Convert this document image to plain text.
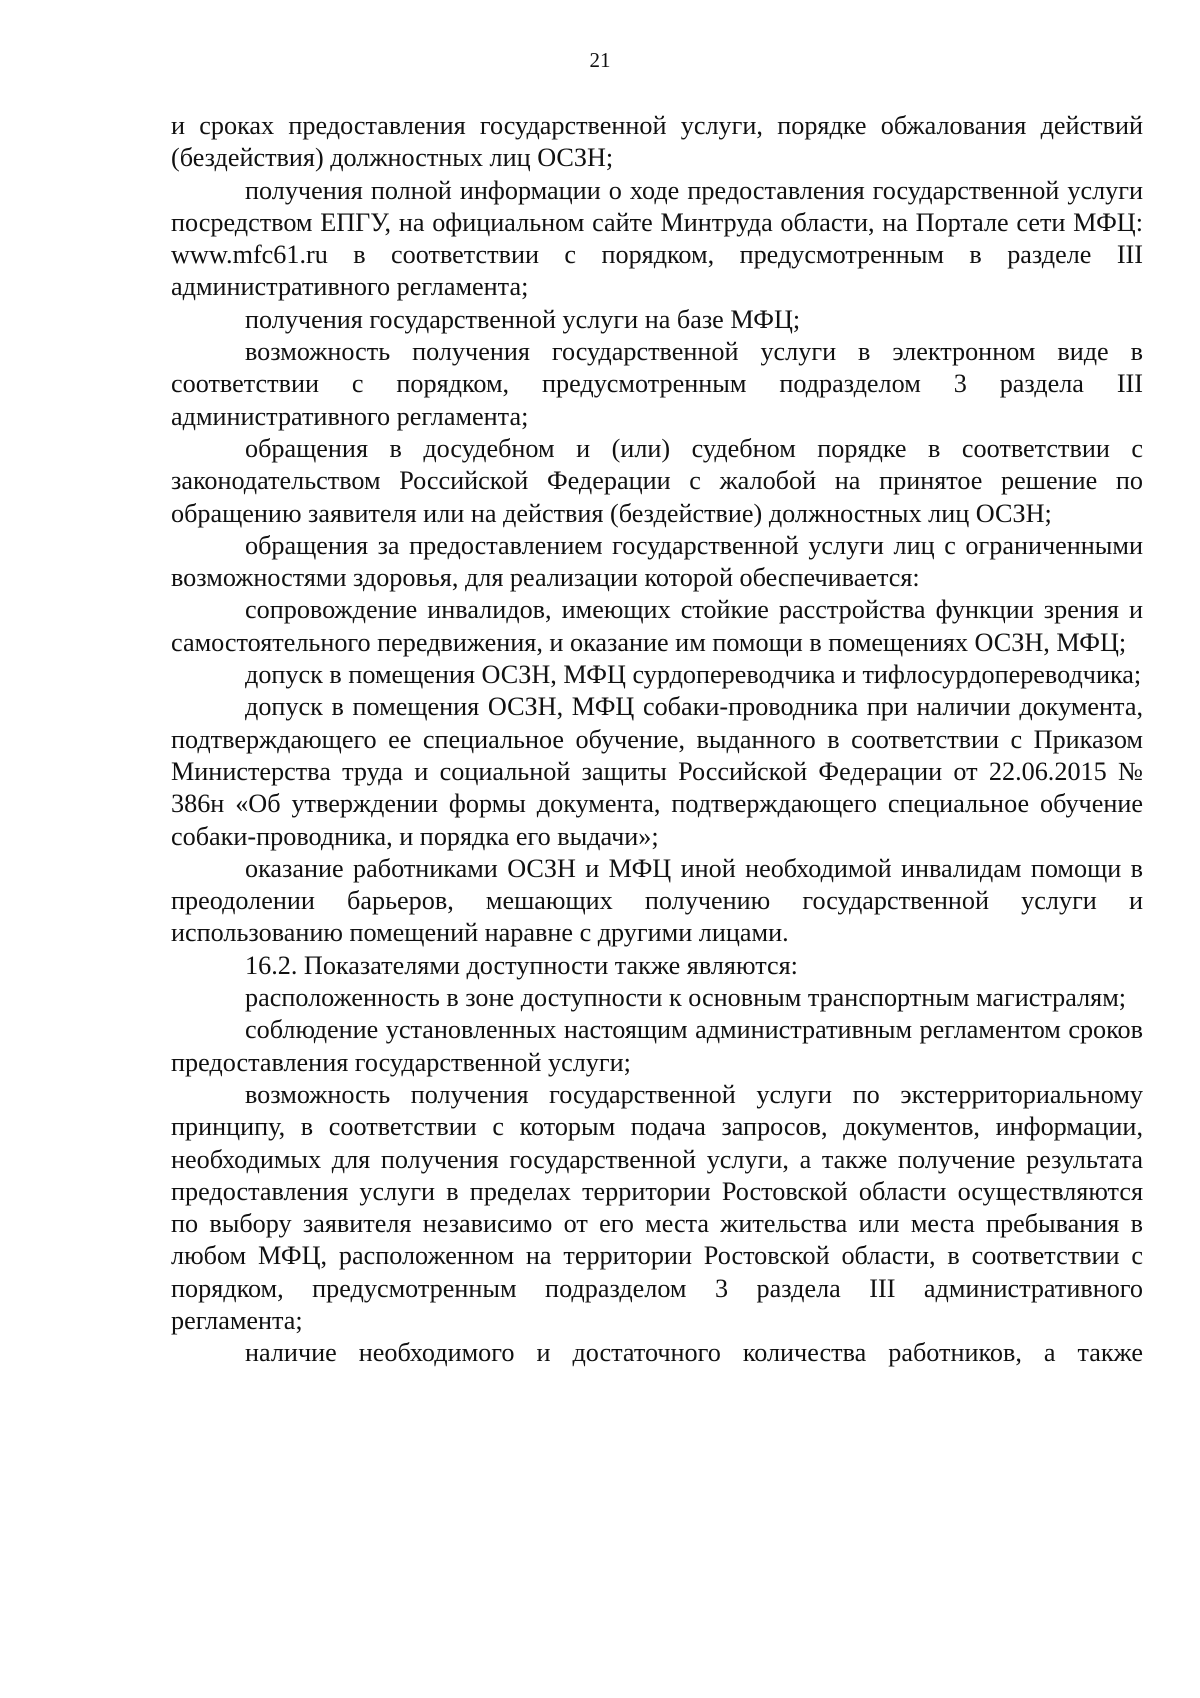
21

и сроках предоставления государственной услуги, порядке обжалования действий (бездействия) должностных лиц ОСЗН;

получения полной информации о ходе предоставления государственной услуги посредством ЕПГУ, на официальном сайте Минтруда области, на Портале сети МФЦ: www.mfc61.ru в соответствии с порядком, предусмотренным в разделе III административного регламента;

получения государственной услуги на базе МФЦ;

возможность получения государственной услуги в электронном виде в соответствии с порядком, предусмотренным подразделом 3 раздела III административного регламента;

обращения в досудебном и (или) судебном порядке в соответствии с законодательством Российской Федерации с жалобой на принятое решение по обращению заявителя или на действия (бездействие) должностных лиц ОСЗН;

обращения за предоставлением государственной услуги лиц с ограниченными возможностями здоровья, для реализации которой обеспечивается:

сопровождение инвалидов, имеющих стойкие расстройства функции зрения и самостоятельного передвижения, и оказание им помощи в помещениях ОСЗН, МФЦ;

допуск в помещения ОСЗН, МФЦ сурдопереводчика и тифлосурдопереводчика;

допуск в помещения ОСЗН, МФЦ собаки-проводника при наличии документа, подтверждающего ее специальное обучение, выданного в соответствии с Приказом Министерства труда и социальной защиты Российской Федерации от 22.06.2015 № 386н «Об утверждении формы документа, подтверждающего специальное обучение собаки-проводника, и порядка его выдачи»;

оказание работниками ОСЗН и МФЦ иной необходимой инвалидам помощи в преодолении барьеров, мешающих получению государственной услуги и использованию помещений наравне с другими лицами.

16.2. Показателями доступности также являются:

расположенность в зоне доступности к основным транспортным магистралям;

соблюдение установленных настоящим административным регламентом сроков предоставления государственной услуги;

возможность получения государственной услуги по экстерриториальному принципу, в соответствии с которым подача запросов, документов, информации, необходимых для получения государственной услуги, а также получение результата предоставления услуги в пределах территории Ростовской области осуществляются по выбору заявителя независимо от его места жительства или места пребывания в любом МФЦ, расположенном на территории Ростовской области, в соответствии с порядком, предусмотренным подразделом 3 раздела III административного регламента;

наличие необходимого и достаточного количества работников, а также
